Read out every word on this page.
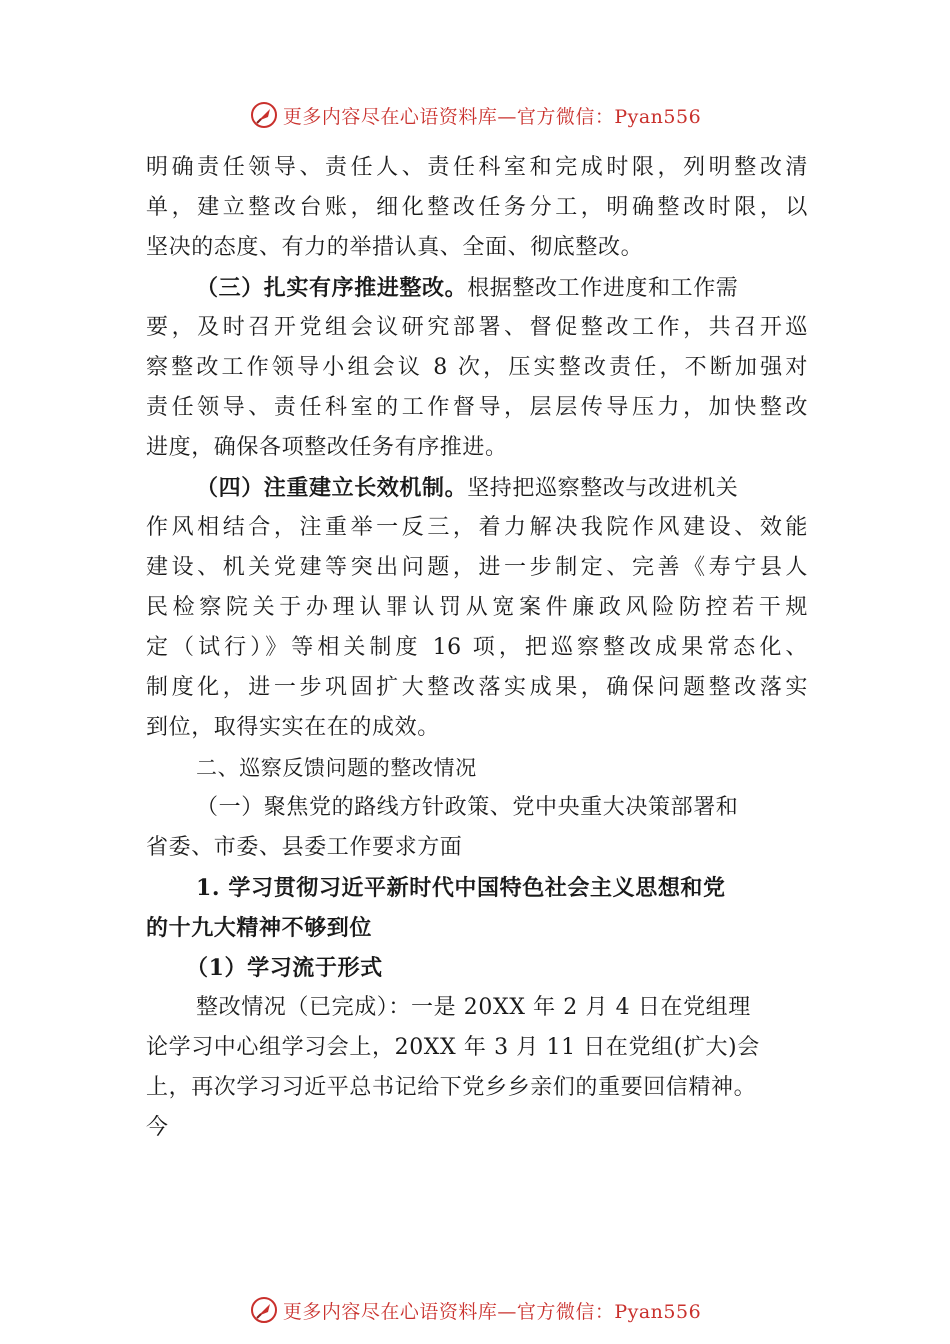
更多内容尽在心语资料库—官方微信：Pyan556
明确责任领导、责任人、责任科室和完成时限，列明整改清
单，建立整改台账，细化整改任务分工，明确整改时限，以
坚决的态度、有力的举措认真、全面、彻底整改。
（三）扎实有序推进整改。根据整改工作进度和工作需
要，及时召开党组会议研究部署、督促整改工作，共召开巡
察整改工作领导小组会议 8 次，压实整改责任，不断加强对
责任领导、责任科室的工作督导，层层传导压力，加快整改
进度，确保各项整改任务有序推进。
（四）注重建立长效机制。坚持把巡察整改与改进机关
作风相结合，注重举一反三，着力解决我院作风建设、效能
建设、机关党建等突出问题，进一步制定、完善《寿宁县人
民检察院关于办理认罪认罚从宽案件廉政风险防控若干规
定（试行）》等相关制度 16 项，把巡察整改成果常态化、
制度化，进一步巩固扩大整改落实成果，确保问题整改落实
到位，取得实实在在的成效。
二、巡察反馈问题的整改情况
（一）聚焦党的路线方针政策、党中央重大决策部署和
省委、市委、县委工作要求方面
1. 学习贯彻习近平新时代中国特色社会主义思想和党
的十九大精神不够到位
（1）学习流于形式
整改情况（已完成）：一是 20XX 年 2 月 4 日在党组理
论学习中心组学习会上，20XX 年 3 月 11 日在党组(扩大)会
上，再次学习习近平总书记给下党乡乡亲们的重要回信精神。
今
更多内容尽在心语资料库—官方微信：Pyan556
